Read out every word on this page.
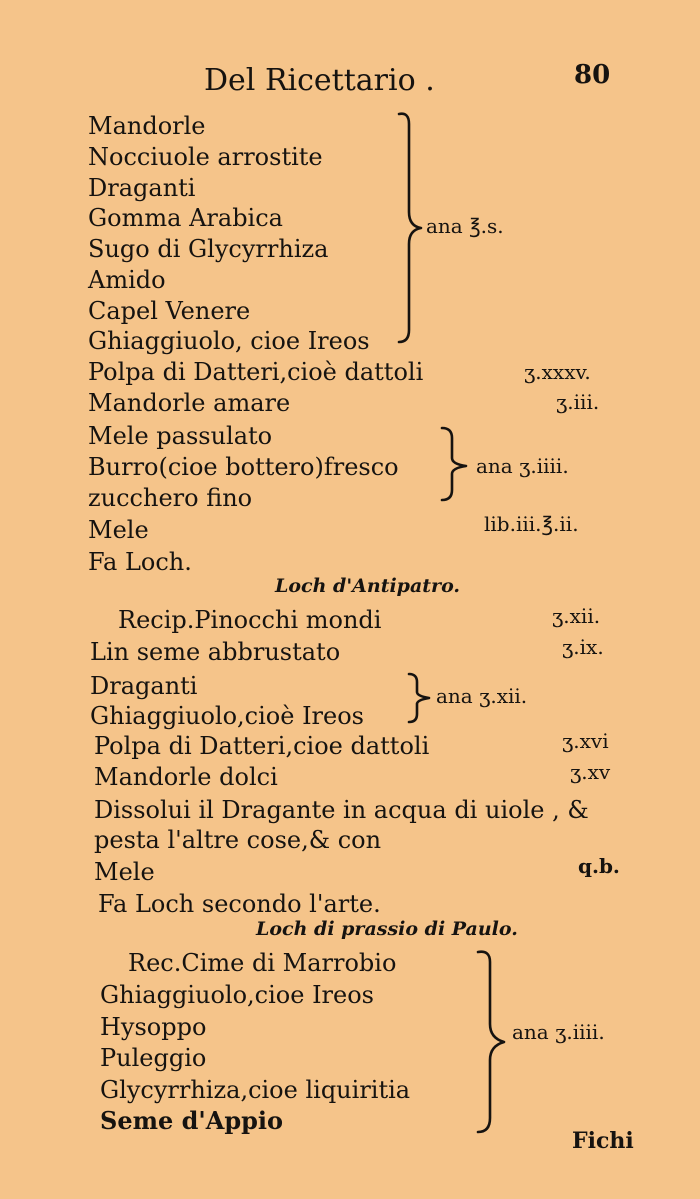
Del Ricettario .	80
Mandorle
Nocciuole arrostite
Draganti
Gomma Arabica
Sugo di Glycyrrhiza
Amido
Capel Venere
Ghiaggiuolo, cioe Ireos
ana ℥.s.
Polpa di Datteri,cioè dattoli	ʒ.xxxv.
Mandorle amare	ʒ.iii.
Mele passulato
Burro(cioe bottero)fresco
zucchero fino
ana ʒ.iiii.
Mele	lib.iii.℥.ii.
Fa Loch.
Loch d'Antipatro.
Recip.Pinocchi mondi	ʒ.xii.
Lin seme abbrustato	ʒ.ix.
Draganti
Ghiaggiuolo,cioè Ireos
ana ʒ.xii.
Polpa di Datteri,cioe dattoli	ʒ.xvi
Mandorle dolci	ʒ.xv
Dissolui il Dragante in acqua di uiole , &
pesta l'altre cose,& con
Mele	q.b.
Fa Loch secondo l'arte.
Loch di prassio di Paulo.
Rec.Cime di Marrobio
Ghiaggiuolo,cioe Ireos
Hysoppo
Puleggio
Glycyrrhiza,cioe liquiritia
Seme d'Appio
ana ʒ.iiii.
Fichi
